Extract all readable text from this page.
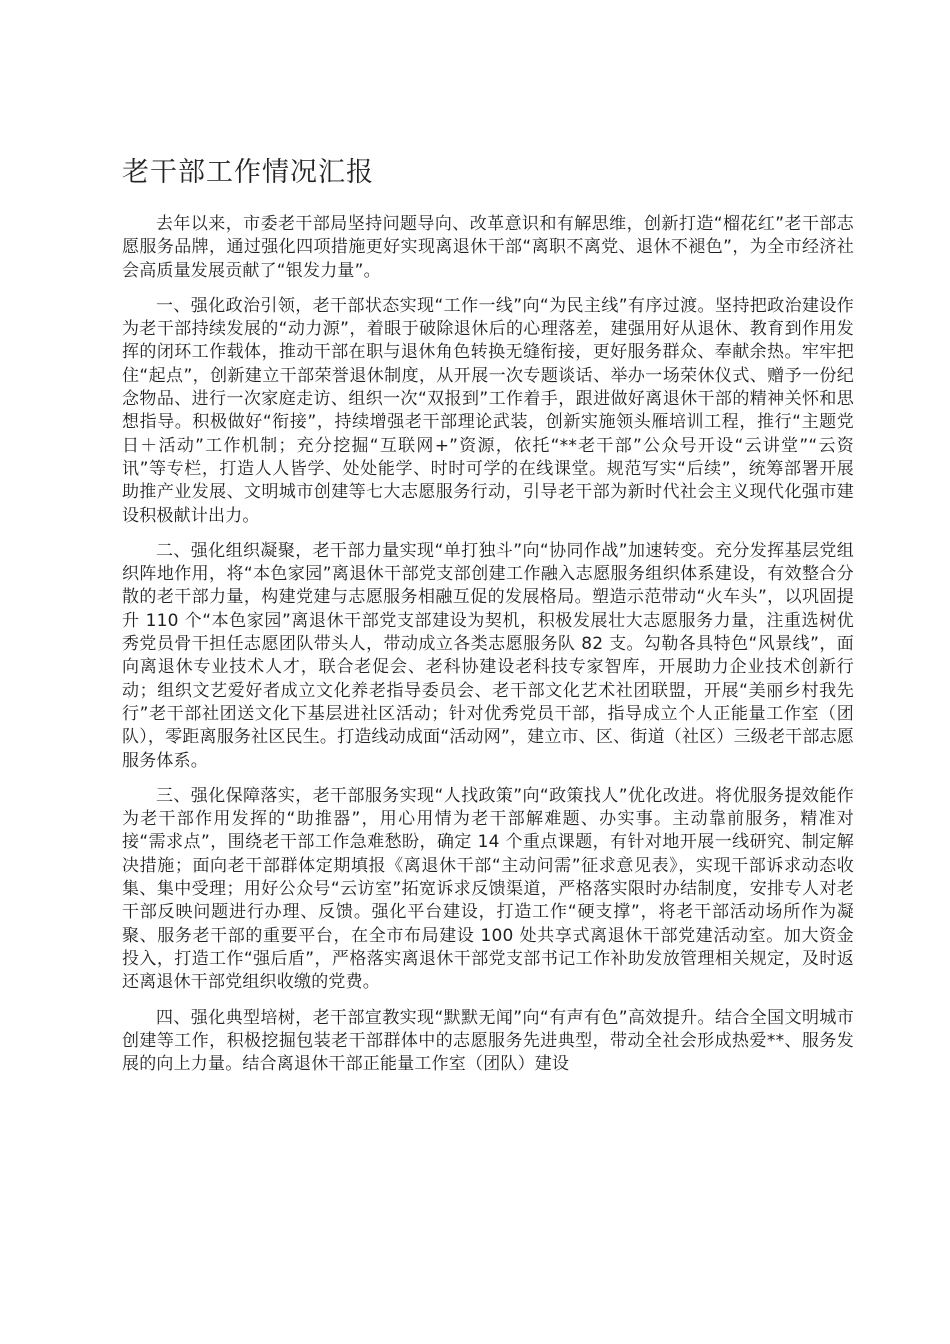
老干部工作情况汇报

去年以来，市委老干部局坚持问题导向、改革意识和有解思维，创新打造“榴花红”老干部志愿服务品牌，通过强化四项措施更好实现离退休干部“离职不离党、退休不褪色”，为全市经济社会高质量发展贡献了“银发力量”。

一、强化政治引领，老干部状态实现“工作一线”向“为民主线”有序过渡。坚持把政治建设作为老干部持续发展的“动力源”，着眼于破除退休后的心理落差，建强用好从退休、教育到作用发挥的闭环工作载体，推动干部在职与退休角色转换无缝衔接，更好服务群众、奉献余热。牢牢把住“起点”，创新建立干部荣誉退休制度，从开展一次专题谈话、举办一场荣休仪式、赠予一份纪念物品、进行一次家庭走访、组织一次“双报到”工作着手，跟进做好离退休干部的精神关怀和思想指导。积极做好“衔接”，持续增强老干部理论武装，创新实施领头雁培训工程，推行“主题党日＋活动”工作机制；充分挖掘“互联网+”资源，依托“**老干部”公众号开设“云讲堂”“云资讯”等专栏，打造人人皆学、处处能学、时时可学的在线课堂。规范写实“后续”，统筹部署开展助推产业发展、文明城市创建等七大志愿服务行动，引导老干部为新时代社会主义现代化强市建设积极献计出力。

二、强化组织凝聚，老干部力量实现“单打独斗”向“协同作战”加速转变。充分发挥基层党组织阵地作用，将“本色家园”离退休干部党支部创建工作融入志愿服务组织体系建设，有效整合分散的老干部力量，构建党建与志愿服务相融互促的发展格局。塑造示范带动“火车头”，以巩固提升 110 个“本色家园”离退休干部党支部建设为契机，积极发展壮大志愿服务力量，注重选树优秀党员骨干担任志愿团队带头人，带动成立各类志愿服务队 82 支。勾勒各具特色“风景线”，面向离退休专业技术人才，联合老促会、老科协建设老科技专家智库，开展助力企业技术创新行动；组织文艺爱好者成立文化养老指导委员会、老干部文化艺术社团联盟，开展“美丽乡村我先行”老干部社团送文化下基层进社区活动；针对优秀党员干部，指导成立个人正能量工作室（团队），零距离服务社区民生。打造线动成面“活动网”，建立市、区、街道（社区）三级老干部志愿服务体系。

三、强化保障落实，老干部服务实现“人找政策”向“政策找人”优化改进。将优服务提效能作为老干部作用发挥的“助推器”，用心用情为老干部解难题、办实事。主动靠前服务，精准对接“需求点”，围绕老干部工作急难愁盼，确定 14 个重点课题，有针对地开展一线研究、制定解决措施；面向老干部群体定期填报《离退休干部“主动问需”征求意见表》，实现干部诉求动态收集、集中受理；用好公众号“云访室”拓宽诉求反馈渠道，严格落实限时办结制度，安排专人对老干部反映问题进行办理、反馈。强化平台建设，打造工作“硬支撑”，将老干部活动场所作为凝聚、服务老干部的重要平台，在全市布局建设 100 处共享式离退休干部党建活动室。加大资金投入，打造工作“强后盾”，严格落实离退休干部党支部书记工作补助发放管理相关规定，及时返还离退休干部党组织收缴的党费。

四、强化典型培树，老干部宣教实现“默默无闻”向“有声有色”高效提升。结合全国文明城市创建等工作，积极挖掘包装老干部群体中的志愿服务先进典型，带动全社会形成热爱**、服务发展的向上力量。结合离退休干部正能量工作室（团队）建设
